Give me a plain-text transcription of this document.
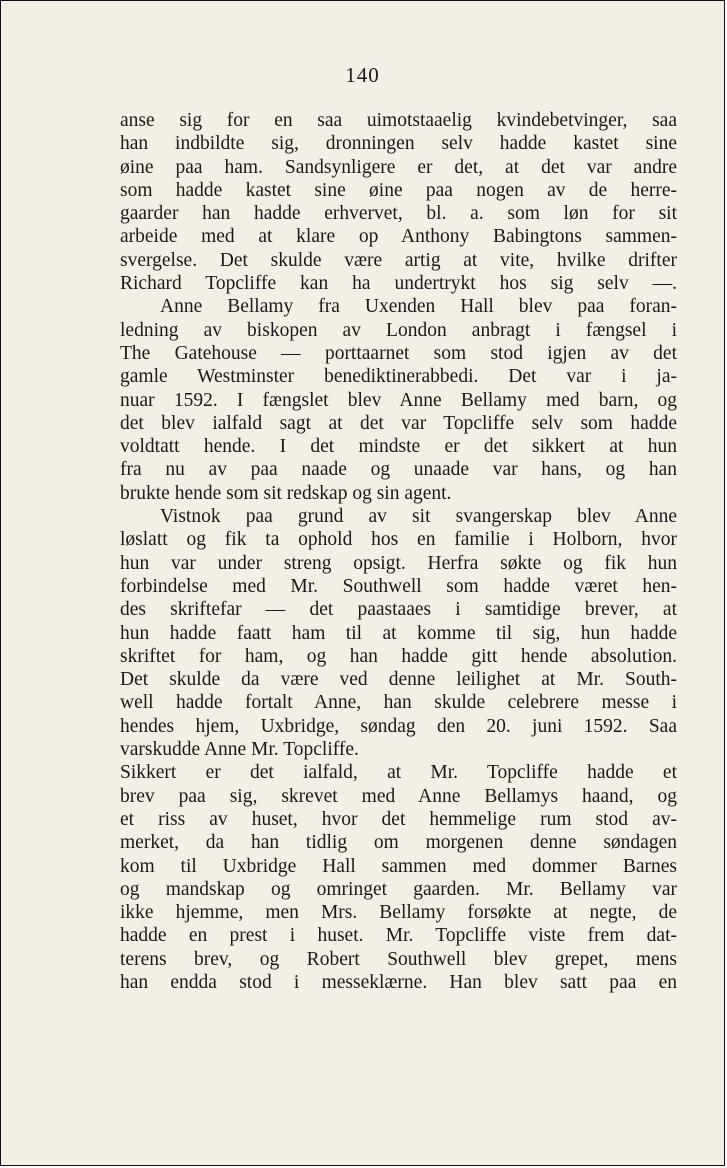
140
anse sig for en saa uimotstaaelig kvindebetvinger, saa
han indbildte sig, dronningen selv hadde kastet sine
øine paa ham. Sandsynligere er det, at det var andre
som hadde kastet sine øine paa nogen av de herre-
gaarder han hadde erhvervet, bl. a. som løn for sit
arbeide med at klare op Anthony Babingtons sammen-
svergelse. Det skulde være artig at vite, hvilke drifter
Richard Topcliffe kan ha undertrykt hos sig selv —.
Anne Bellamy fra Uxenden Hall blev paa foran-
ledning av biskopen av London anbragt i fængsel i
The Gatehouse — porttaarnet som stod igjen av det
gamle Westminster benediktinerabbedi. Det var i ja-
nuar 1592. I fængslet blev Anne Bellamy med barn, og
det blev ialfald sagt at det var Topcliffe selv som hadde
voldtatt hende. I det mindste er det sikkert at hun
fra nu av paa naade og unaade var hans, og han
brukte hende som sit redskap og sin agent.
Vistnok paa grund av sit svangerskap blev Anne
løslatt og fik ta ophold hos en familie i Holborn, hvor
hun var under streng opsigt. Herfra søkte og fik hun
forbindelse med Mr. Southwell som hadde været hen-
des skriftefar — det paastaaes i samtidige brever, at
hun hadde faatt ham til at komme til sig, hun hadde
skriftet for ham, og han hadde gitt hende absolution.
Det skulde da være ved denne leilighet at Mr. South-
well hadde fortalt Anne, han skulde celebrere messe i
hendes hjem, Uxbridge, søndag den 20. juni 1592. Saa
varskudde Anne Mr. Topcliffe.
Sikkert er det ialfald, at Mr. Topcliffe hadde et
brev paa sig, skrevet med Anne Bellamys haand, og
et riss av huset, hvor det hemmelige rum stod av-
merket, da han tidlig om morgenen denne søndagen
kom til Uxbridge Hall sammen med dommer Barnes
og mandskap og omringet gaarden. Mr. Bellamy var
ikke hjemme, men Mrs. Bellamy forsøkte at negte, de
hadde en prest i huset. Mr. Topcliffe viste frem dat-
terens brev, og Robert Southwell blev grepet, mens
han endda stod i messeklærne. Han blev satt paa en
